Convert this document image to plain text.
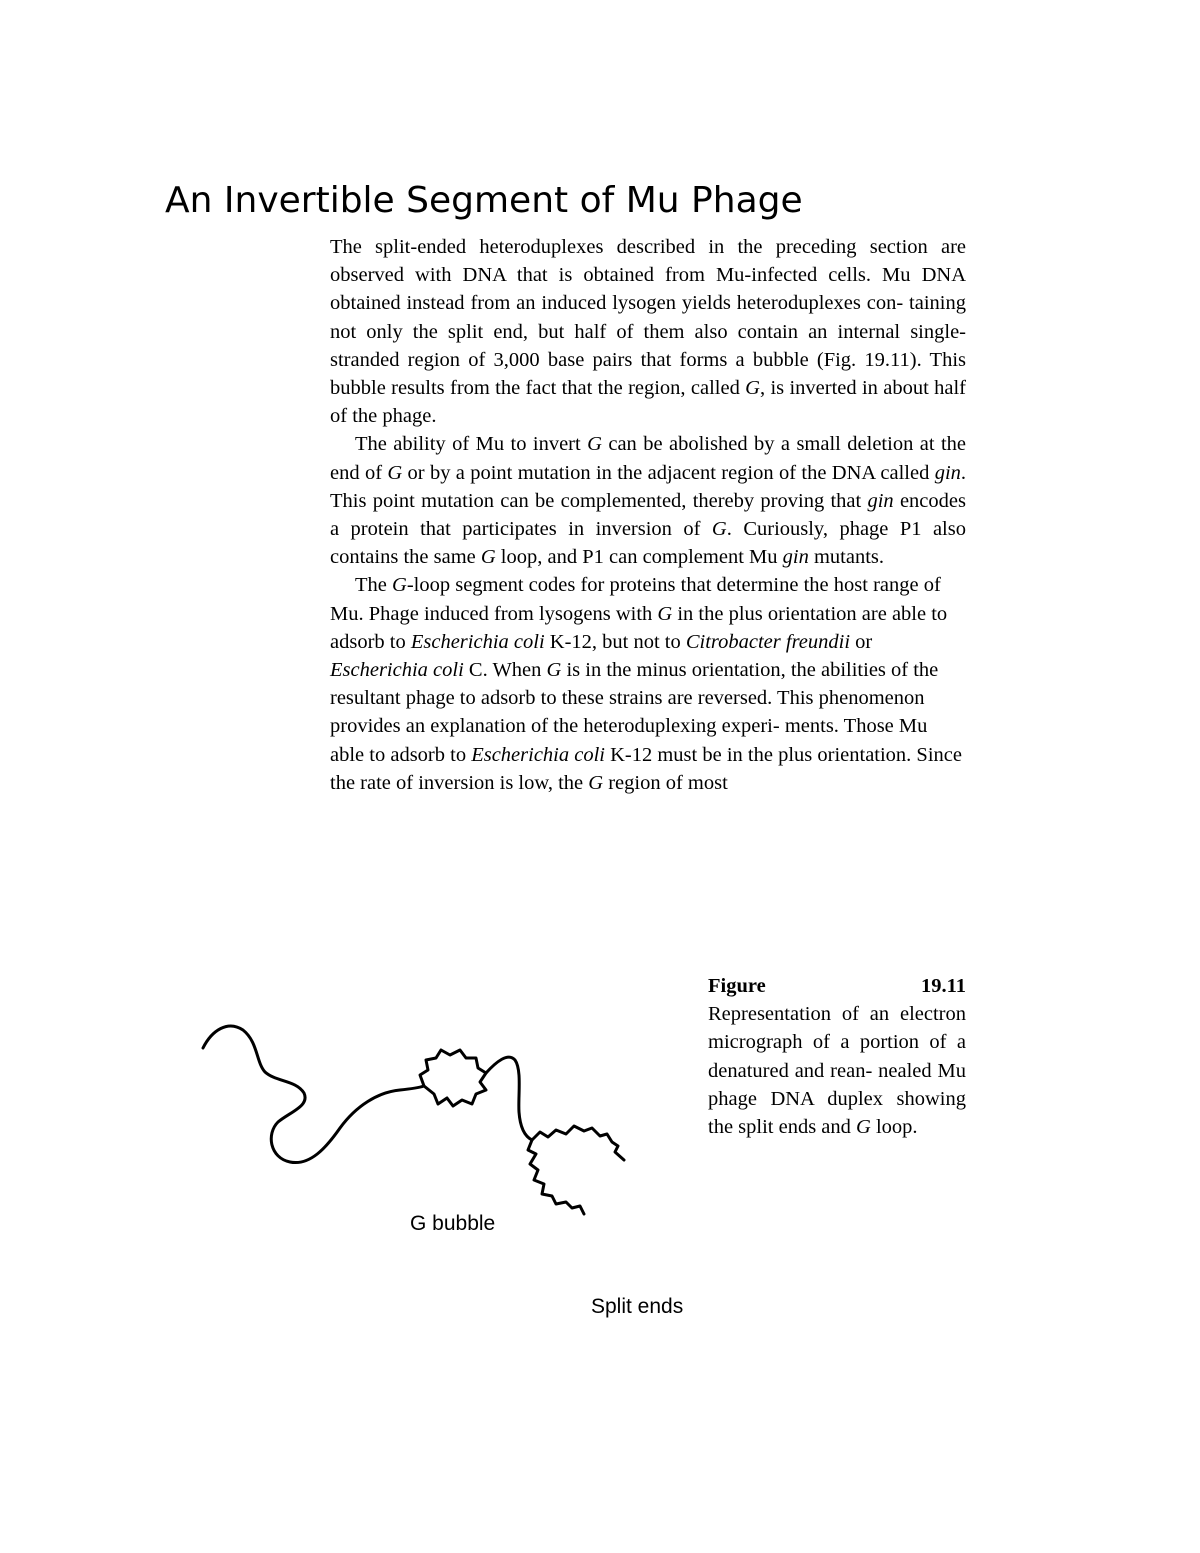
An Invertible Segment of Mu Phage

The split-ended heteroduplexes described in the preceding section are observed with DNA that is obtained from Mu-infected cells. Mu DNA obtained instead from an induced lysogen yields heteroduplexes con- taining not only the split end, but half of them also contain an internal single-stranded region of 3,000 base pairs that forms a bubble (Fig. 19.11). This bubble results from the fact that the region, called G, is inverted in about half of the phage.

The ability of Mu to invert G can be abolished by a small deletion at the end of G or by a point mutation in the adjacent region of the DNA called gin. This point mutation can be complemented, thereby proving that gin encodes a protein that participates in inversion of G. Curiously, phage P1 also contains the same G loop, and P1 can complement Mu gin mutants.

The G-loop segment codes for proteins that determine the host range of Mu. Phage induced from lysogens with G in the plus orientation are able to adsorb to Escherichia coli K-12, but not to Citrobacter freundii or Escherichia coli C. When G is in the minus orientation, the abilities of the resultant phage to adsorb to these strains are reversed. This phenomenon provides an explanation of the heteroduplexing experi- ments. Those Mu able to adsorb to Escherichia coli K-12 must be in the plus orientation. Since the rate of inversion is low, the G region of most

Figure 19.11
Representation of an electron micrograph of a portion of a denatured and rean- nealed Mu phage DNA duplex showing the split ends and G loop.
G bubble
Split ends
